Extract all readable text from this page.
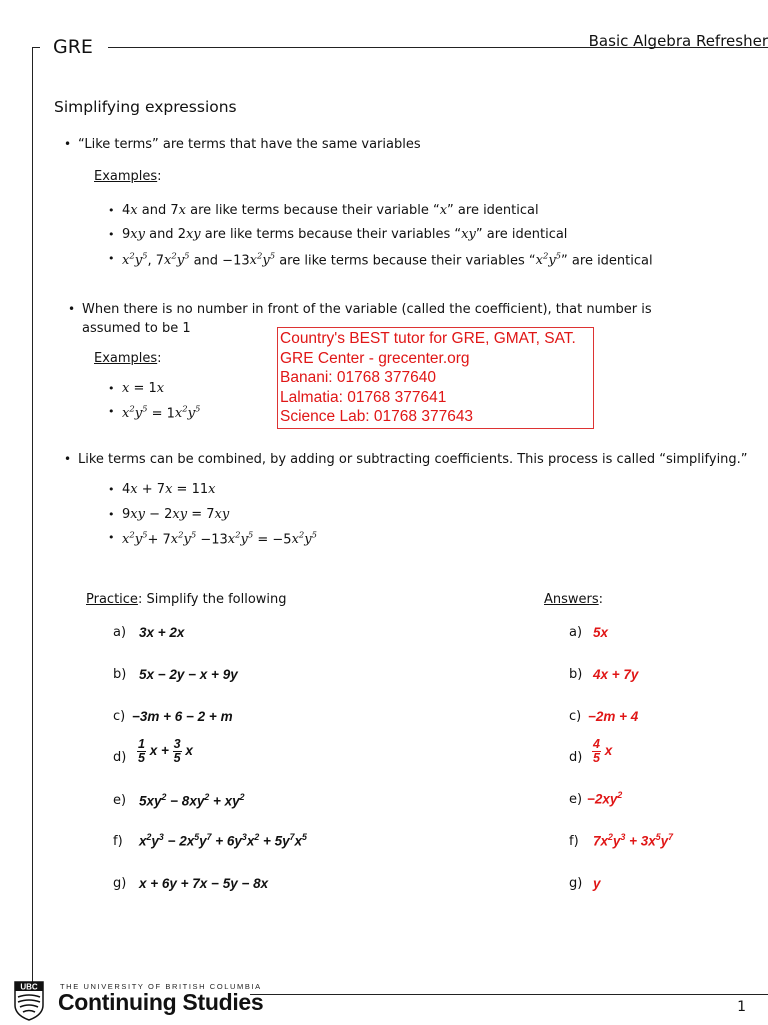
GRE	Basic Algebra Refresher
Simplifying expressions
• “Like terms” are terms that have the same variables
Examples:
• 4x and 7x are like terms because their variable “x” are identical
• 9xy and 2xy are like terms because their variables “xy” are identical
• $x^2y^5$, $7x^2y^5$ and $-13x^2y^5$ are like terms because their variables “$x^2y^5$” are identical
• When there is no number in front of the variable (called the coefficient), that number is
assumed to be 1
Examples:
• x = 1x
• $x^2y^5 = 1x^2y^5$
Country's BEST tutor for GRE, GMAT, SAT.
GRE Center - grecenter.org
Banani: 01768 377640
Lalmatia: 01768 377641
Science Lab: 01768 377643
• Like terms can be combined, by adding or subtracting coefficients. This process is called “simplifying.”
• 4x + 7x = 11x
• 9xy − 2xy = 7xy
• $x^2y^5+ 7x^2y^5 -13x^2y^5 = -5x^2y^5$
Practice: Simplify the following	Answers:
a) 3x + 2x	a) 5x
b) 5x − 2y − x + 9y	b) 4x + 7y
c) −3m + 6 − 2 + m	c) −2m + 4
$d) \frac{1}{5}$ $x + \frac{3}{5}$ x	$d) \frac{4}{5}$ x
e) $5xy^2 - 8xy^2 + xy^2$	$e) -2xy^2$
f) $x^2y^3 - 2x^5y^7 + 6y^3x^2 + 5y^7x^5$	f) $7x^2y^3 + 3x^5y^7$
g) x + 6y + 7x − 5y − 8x	g) y
UBC	THE UNIVERSITY OF BRITISH COLUMBIA
Continuing Studies	1
